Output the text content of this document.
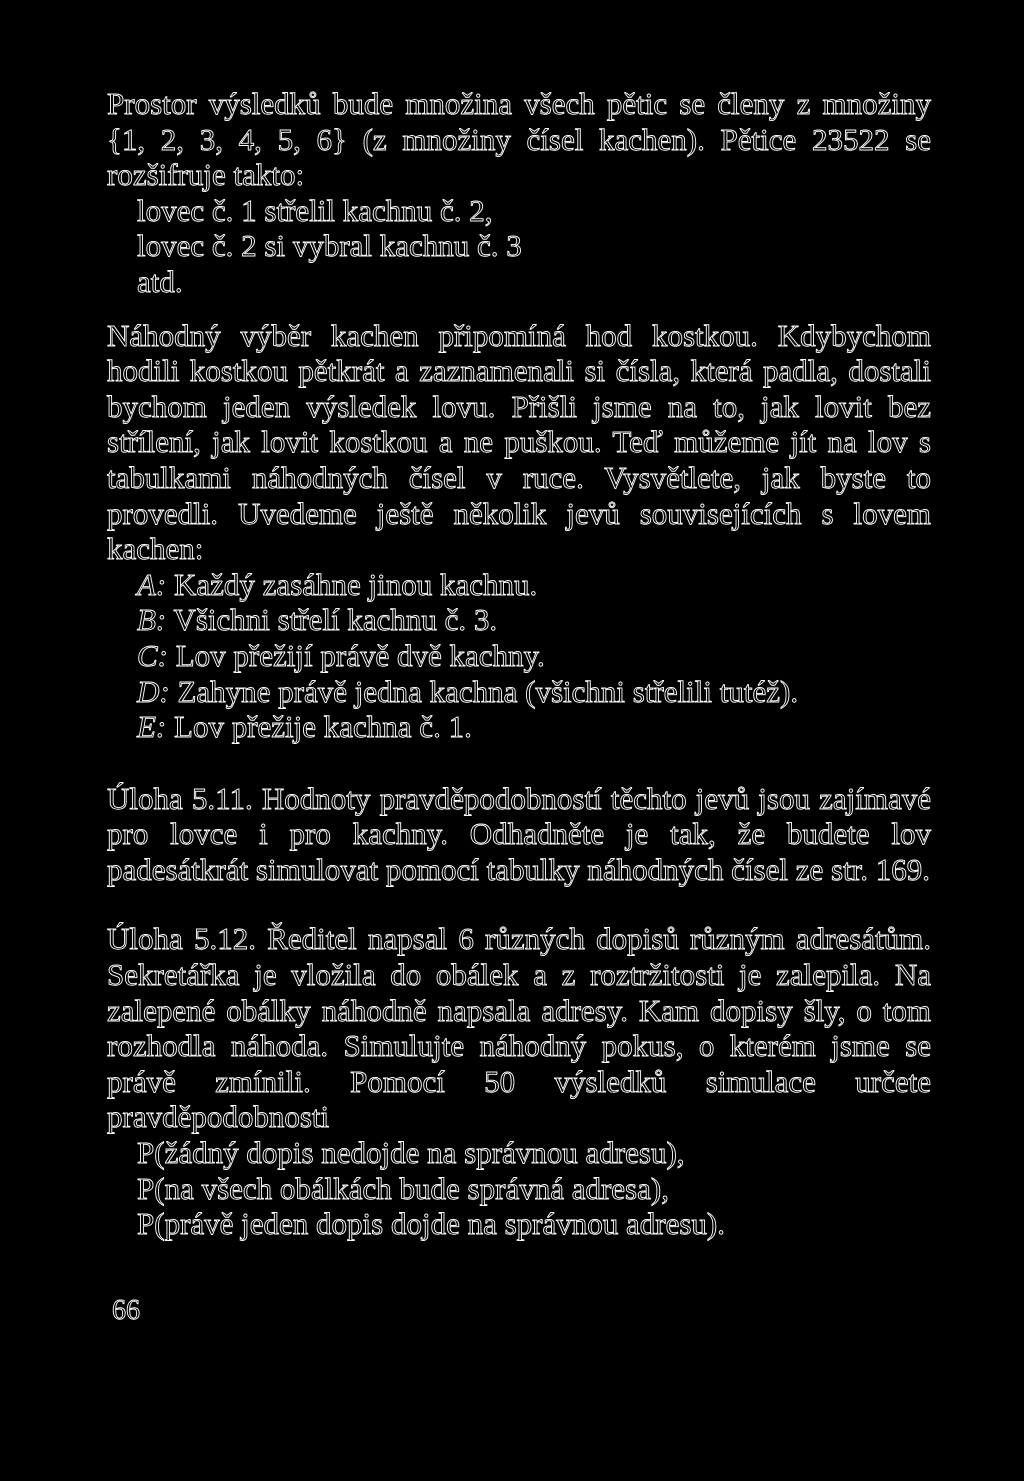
Prostor výsledků bude množina všech pětic se členy z množiny {1, 2, 3, 4, 5, 6} (z množiny čísel kachen). Pětice 23522 se rozšifruje takto:

lovec č. 1 střelil kachnu č. 2,
lovec č. 2 si vybral kachnu č. 3
atd.

Náhodný výběr kachen připomíná hod kostkou. Kdybychom hodili kostkou pětkrát a zaznamenali si čísla, která padla, dostali bychom jeden výsledek lovu. Přišli jsme na to, jak lovit bez střílení, jak lovit kostkou a ne puškou. Teď můžeme jít na lov s tabulkami náhodných čísel v ruce. Vysvětlete, jak byste to provedli. Uvedeme ještě několik jevů souvisejících s lovem kachen:

A: Každý zasáhne jinou kachnu.
B: Všichni střelí kachnu č. 3.
C: Lov přežijí právě dvě kachny.
D: Zahyne právě jedna kachna (všichni střelili tutéž).
E: Lov přežije kachna č. 1.

Úloha 5.11. Hodnoty pravděpodobností těchto jevů jsou zajímavé pro lovce i pro kachny. Odhadněte je tak, že budete lov padesátkrát simulovat pomocí tabulky náhodných čísel ze str. 169.

Úloha 5.12. Ředitel napsal 6 různých dopisů různým adresátům. Sekretářka je vložila do obálek a z roztržitosti je zalepila. Na zalepené obálky náhodně napsala adresy. Kam dopisy šly, o tom rozhodla náhoda. Simulujte náhodný pokus, o kterém jsme se právě zmínili. Pomocí 50 výsledků simulace určete pravděpodobnosti

P(žádný dopis nedojde na správnou adresu),
P(na všech obálkách bude správná adresa),
P(právě jeden dopis dojde na správnou adresu).
66
